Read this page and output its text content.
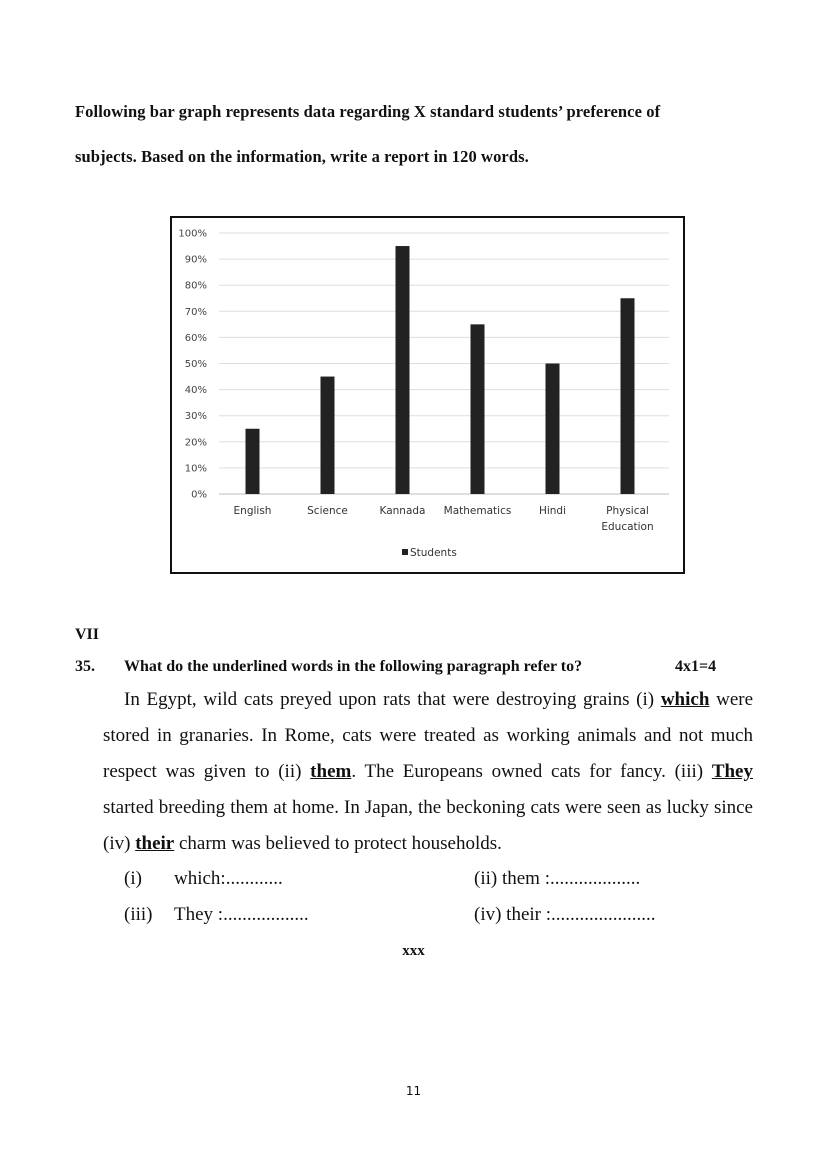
Following bar graph represents data regarding X standard students’ preference of
subjects. Based on the information, write a report in 120 words.
0%
10%
20%
30%
40%
50%
60%
70%
80%
90%
100%
English	Science	Kannada Mathematics	Hindi	Physical
Education
Students
VII
35. What do the underlined words in the following paragraph refer to?	4x1=4
In Egypt, wild cats preyed upon rats that were destroying grains (i) which were stored in granaries. In Rome, cats were treated as working animals and not much respect was given to (ii) them. The Europeans owned cats for fancy. (iii) They started breeding them at home. In Japan, the beckoning cats were seen as lucky since (iv) their charm was believed to protect households.
(i) which:............	(ii) them :...................
(iii) They :..................	(iv) their :......................
xxx
11
